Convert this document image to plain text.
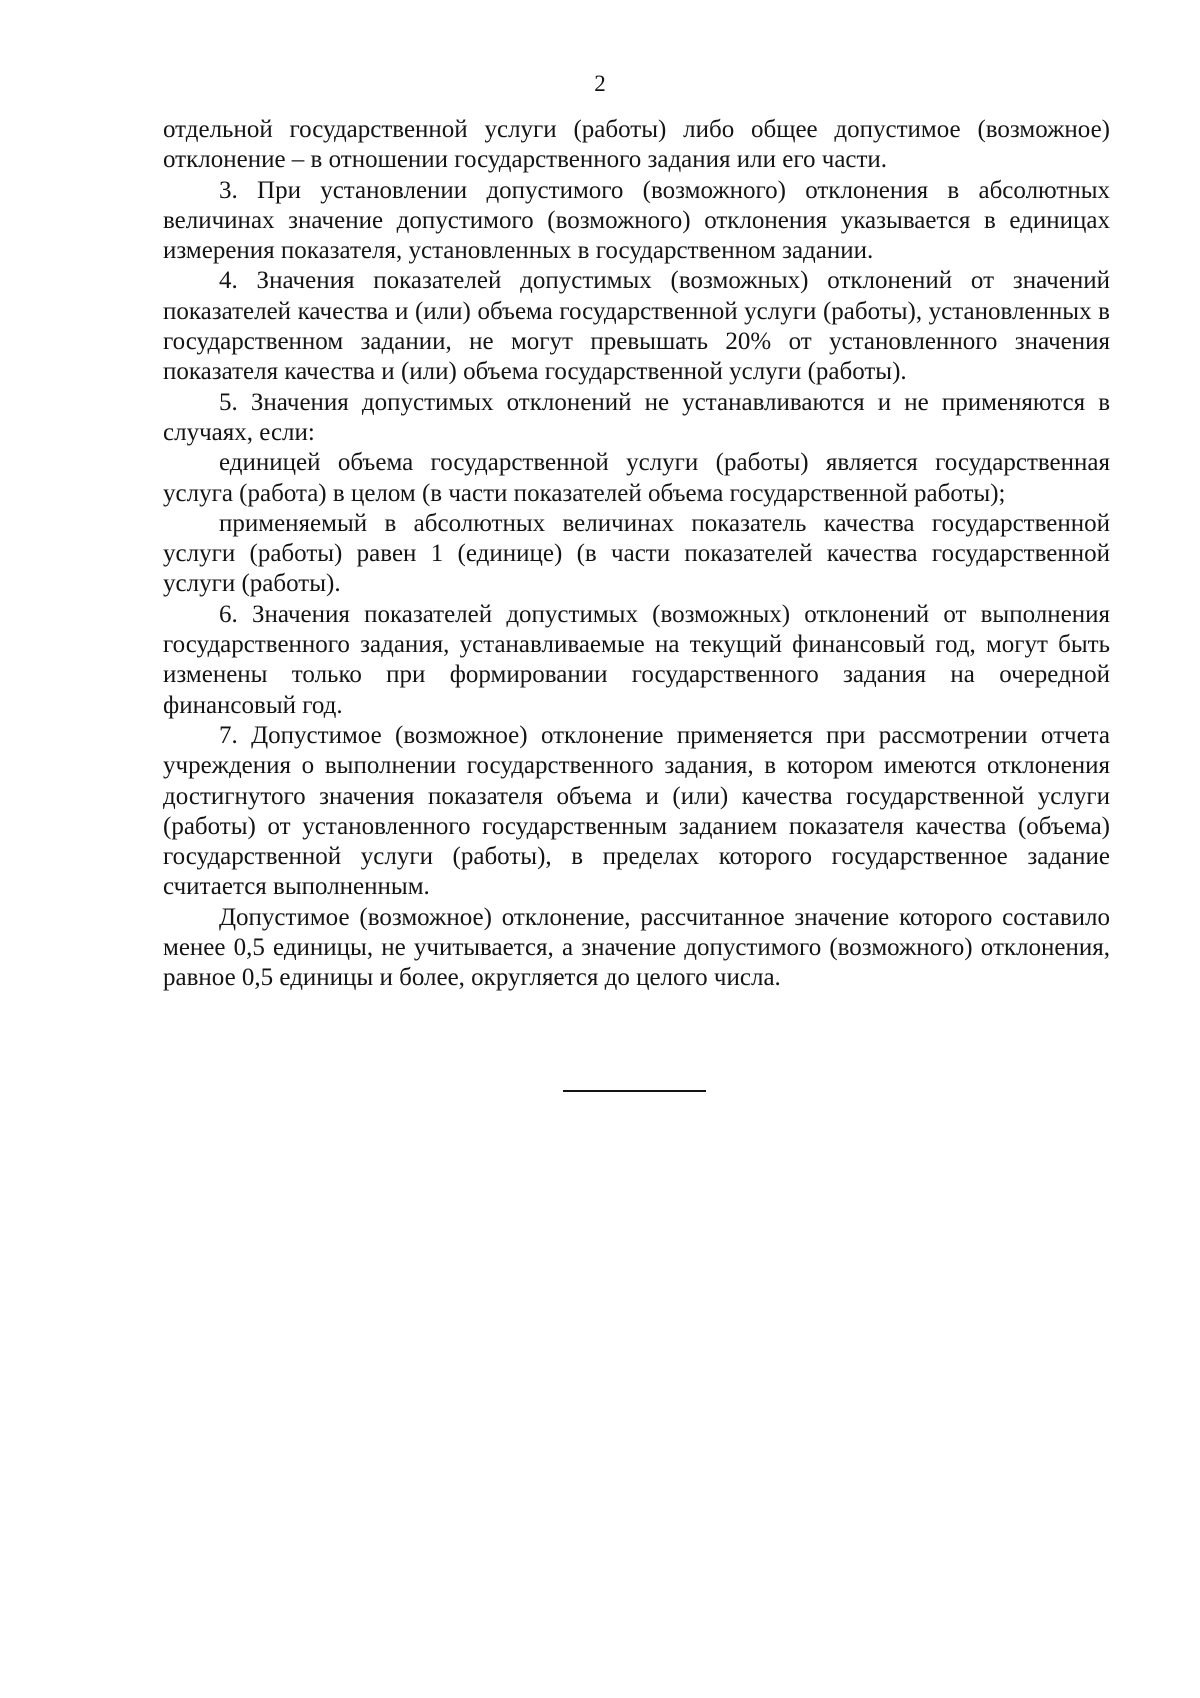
2

отдельной государственной услуги (работы) либо общее допустимое (возможное) отклонение – в отношении государственного задания или его части.

3. При установлении допустимого (возможного) отклонения в абсолютных величинах значение допустимого (возможного) отклонения указывается в единицах измерения показателя, установленных в государственном задании.

4. Значения показателей допустимых (возможных) отклонений от значений показателей качества и (или) объема государственной услуги (работы), установленных в государственном задании, не могут превышать 20% от установленного значения показателя качества и (или) объема государственной услуги (работы).

5. Значения допустимых отклонений не устанавливаются и не применяются в случаях, если:

единицей объема государственной услуги (работы) является государственная услуга (работа) в целом (в части показателей объема государственной работы);

применяемый в абсолютных величинах показатель качества государственной услуги (работы) равен 1 (единице) (в части показателей качества государственной услуги (работы).

6. Значения показателей допустимых (возможных) отклонений от выполнения государственного задания, устанавливаемые на текущий финансовый год, могут быть изменены только при формировании государственного задания на очередной финансовый год.

7. Допустимое (возможное) отклонение применяется при рассмотрении отчета учреждения о выполнении государственного задания, в котором имеются отклонения достигнутого значения показателя объема и (или) качества государственной услуги (работы) от установленного государственным заданием показателя качества (объема) государственной услуги (работы), в пределах которого государственное задание считается выполненным.

Допустимое (возможное) отклонение, рассчитанное значение которого составило менее 0,5 единицы, не учитывается, а значение допустимого (возможного) отклонения, равное 0,5 единицы и более, округляется до целого числа.
